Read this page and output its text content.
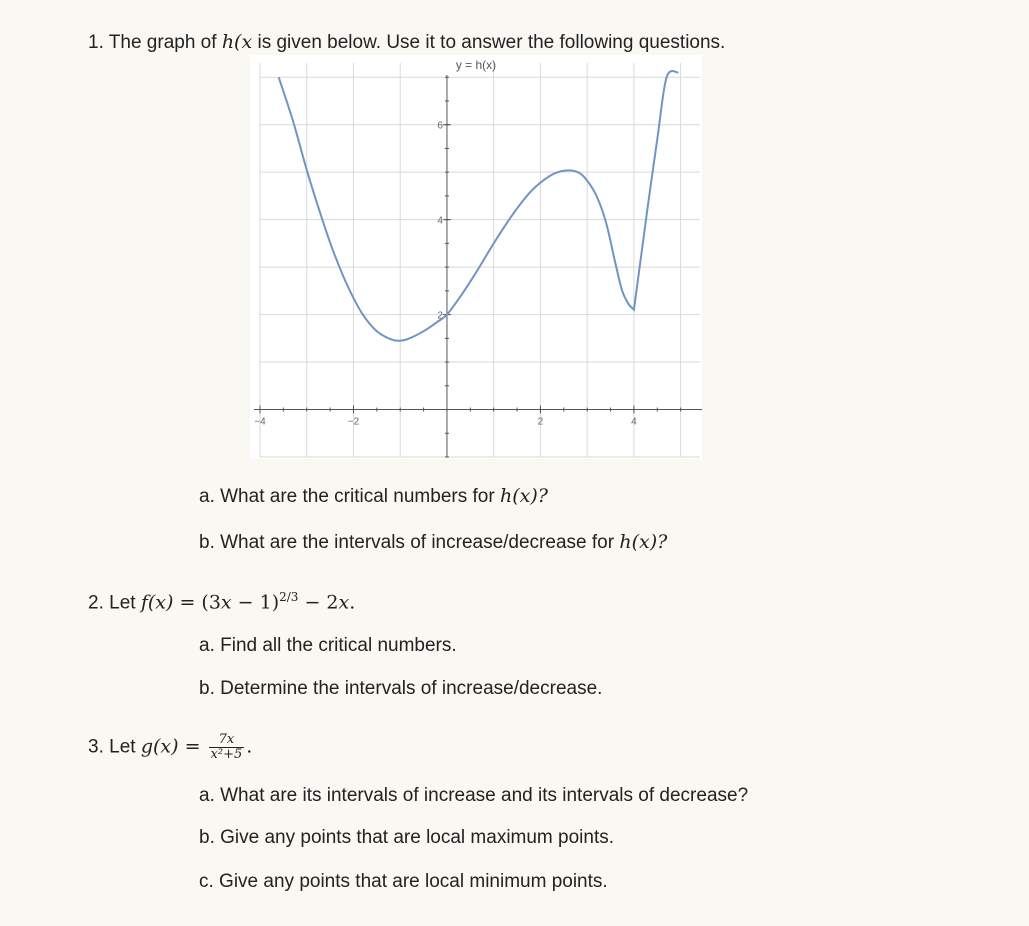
1. The graph of h(x is given below. Use it to answer the following questions.
−4	−2	2	4
2
4
6
y = h(x)
a. What are the critical numbers for h(x)?
b. What are the intervals of increase/decrease for h(x)?
2. Let $f(x) = (3x - 1)^{2/3} - 2x$.
a. Find all the critical numbers.
b. Determine the intervals of increase/decrease.
3. Let $g(x) = \frac{7x}{\text{x²+5}}$ .
a. What are its intervals of increase and its intervals of decrease?
b. Give any points that are local maximum points.
c. Give any points that are local minimum points.
